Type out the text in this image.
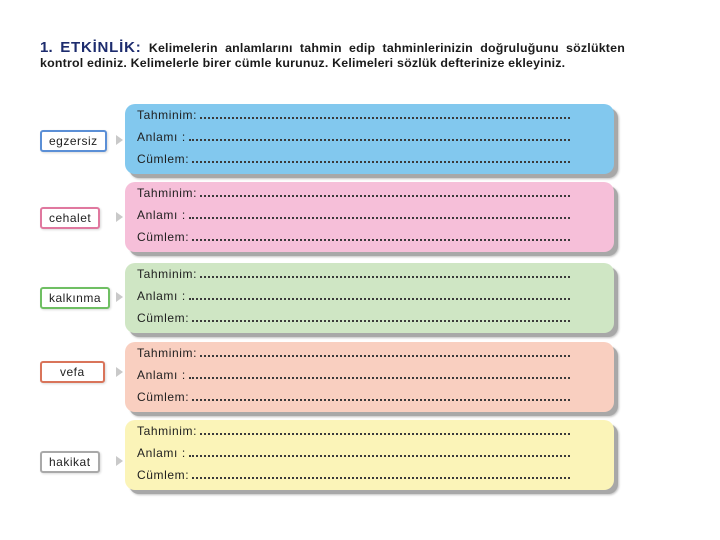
1. ETKİNLİK: Kelimelerin anlamlarını tahmin edip tahminlerinizin doğruluğunu sözlükten kontrol ediniz. Kelimelerle birer cümle kurunuz. Kelimeleri sözlük defterinize ekleyiniz.
egzersiz
Tahminim:
Anlamı :
Cümlem:
cehalet
Tahminim:
Anlamı :
Cümlem:
kalkınma
Tahminim:
Anlamı :
Cümlem:
vefa
Tahminim:
Anlamı :
Cümlem:
hakikat
Tahminim:
Anlamı :
Cümlem:
